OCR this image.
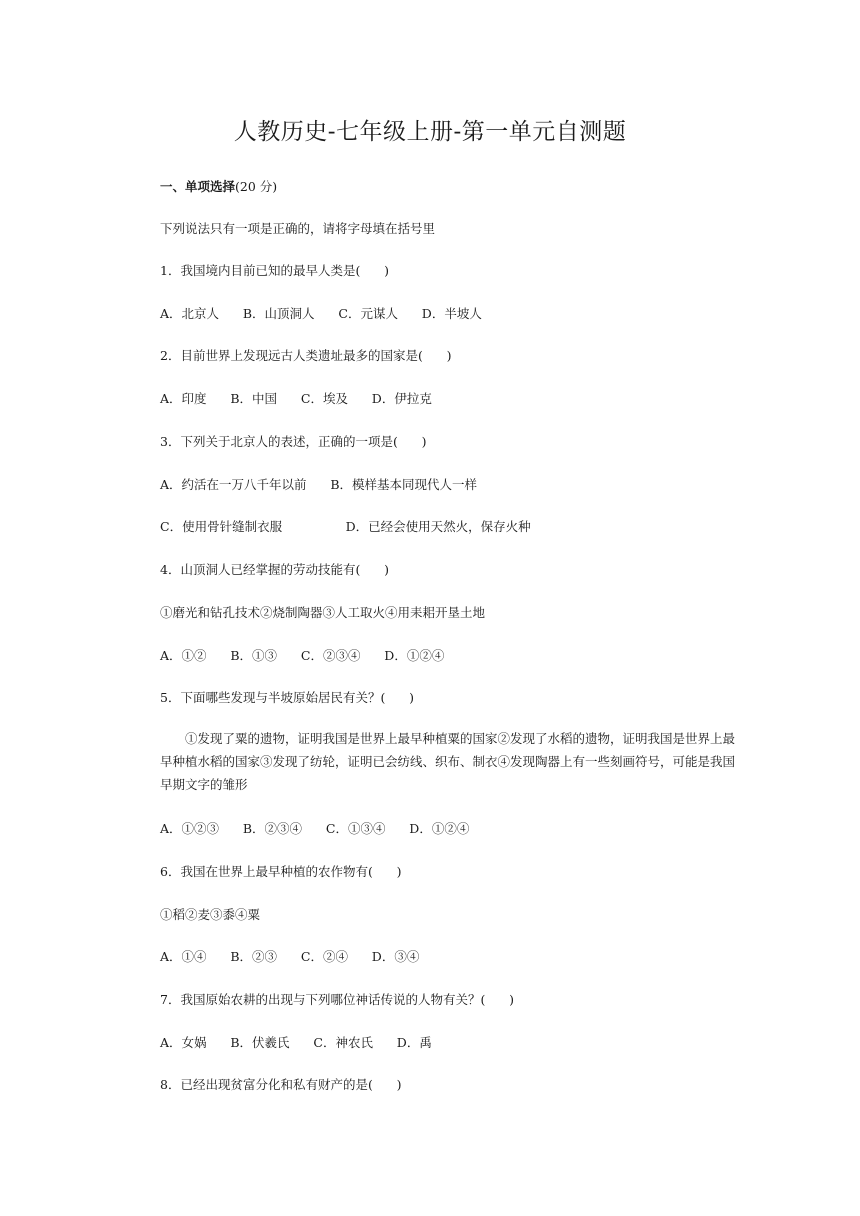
人教历史-七年级上册-第一单元自测题
一、单项选择(20 分)
下列说法只有一项是正确的，请将字母填在括号里
1．我国境内目前已知的最早人类是(      )
A．北京人      B．山顶洞人      C．元谋人      D．半坡人
2．目前世界上发现远古人类遗址最多的国家是(      )
A．印度      B．中国      C．埃及      D．伊拉克
3．下列关于北京人的表述，正确的一项是(      )
A．约活在一万八千年以前      B．模样基本同现代人一样
C．使用骨针缝制衣服                D．已经会使用天然火，保存火种
4．山顶洞人已经掌握的劳动技能有(      )
①磨光和钻孔技术②烧制陶器③人工取火④用耒耜开垦土地
A．①②      B．①③      C．②③④      D．①②④
5．下面哪些发现与半坡原始居民有关？(      )
①发现了粟的遗物，证明我国是世界上最早种植粟的国家②发现了水稻的遗物，证明我国是世界上最早种植水稻的国家③发现了纺轮，证明已会纺线、织布、制衣④发现陶器上有一些刻画符号，可能是我国早期文字的雏形
A．①②③      B．②③④      C．①③④      D．①②④
6．我国在世界上最早种植的农作物有(      )
①稻②麦③黍④粟
A．①④      B．②③      C．②④      D．③④
7．我国原始农耕的出现与下列哪位神话传说的人物有关？(      )
A．女娲      B．伏羲氏      C．神农氏      D．禹
8．已经出现贫富分化和私有财产的是(      )
